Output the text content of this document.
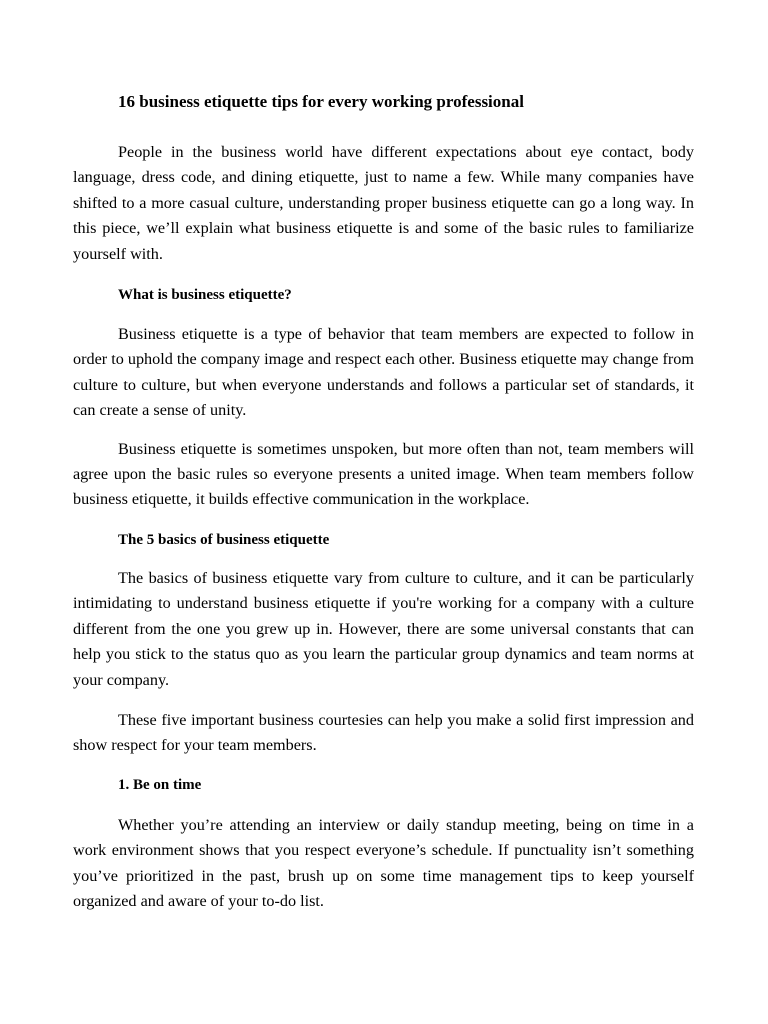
16 business etiquette tips for every working professional

People in the business world have different expectations about eye contact, body language, dress code, and dining etiquette, just to name a few. While many companies have shifted to a more casual culture, understanding proper business etiquette can go a long way. In this piece, we’ll explain what business etiquette is and some of the basic rules to familiarize yourself with.

What is business etiquette?

Business etiquette is a type of behavior that team members are expected to follow in order to uphold the company image and respect each other. Business etiquette may change from culture to culture, but when everyone understands and follows a particular set of standards, it can create a sense of unity.

Business etiquette is sometimes unspoken, but more often than not, team members will agree upon the basic rules so everyone presents a united image. When team members follow business etiquette, it builds effective communication in the workplace.

The 5 basics of business etiquette

The basics of business etiquette vary from culture to culture, and it can be particularly intimidating to understand business etiquette if you're working for a company with a culture different from the one you grew up in. However, there are some universal constants that can help you stick to the status quo as you learn the particular group dynamics and team norms at your company.

These five important business courtesies can help you make a solid first impression and show respect for your team members.

1. Be on time

Whether you’re attending an interview or daily standup meeting, being on time in a work environment shows that you respect everyone’s schedule. If punctuality isn’t something you’ve prioritized in the past, brush up on some time management tips to keep yourself organized and aware of your to-do list.
